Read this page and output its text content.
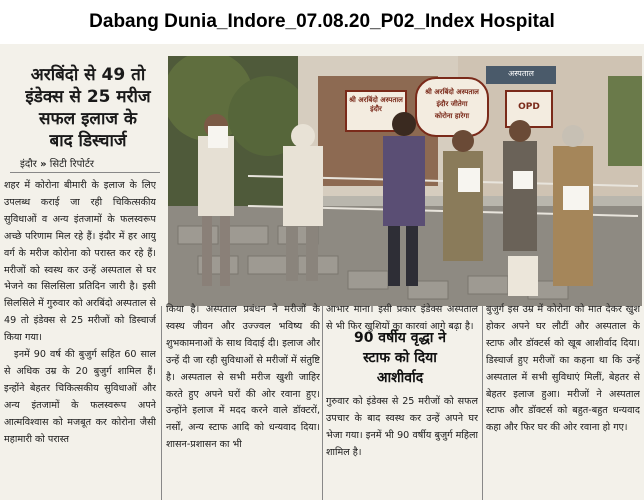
Dabang Dunia_Indore_07.08.20_P02_Index Hospital
अरबिंदो से 49 तो
इंडेक्स से 25 मरीज
सफल इलाज के
बाद डिस्चार्ज
इंदौर » सिटी रिपोर्टर
श्री अरबिंदो अस्पताल इंदौर
श्री अरबिंदो अस्पताल
इंदौर जीतेगा
कोरोना हारेगा
OPD
अस्पताल

शहर में कोरोना बीमारी के इलाज के लिए उपलब्ध कराई जा रही चिकित्सकीय सुविधाओं व अन्य इंतजामों के फलस्वरूप अच्छे परिणाम मिल रहे हैं। इंदौर में हर आयु वर्ग के मरीज कोरोना को परास्त कर रहे हैं। मरीजों को स्वस्थ कर उन्हें अस्पताल से घर भेजने का सिलसिला प्रतिदिन जारी है। इसी सिलसिले में गुरुवार को अरबिंदो अस्पताल से 49 तो इंडेक्स से 25 मरीजों को डिस्चार्ज किया गया।

इनमें 90 वर्ष की बुजुर्ग सहित 60 साल से अधिक उम्र के 20 बुजुर्ग शामिल हैं। इन्होंने बेहतर चिकित्सकीय सुविधाओं और अन्य इंतजामों के फलस्वरूप अपने आत्मविश्वास को मजबूत कर कोरोना जैसी महामारी को परास्त

किया है। अस्पताल प्रबंधन ने मरीजों के स्वस्थ जीवन और उज्ज्वल भविष्य की शुभकामनाओं के साथ विदाई दी। इलाज और उन्हें दी जा रही सुविधाओं से मरीजों में संतुष्टि है। अस्पताल से सभी मरीज खुशी जाहिर करते हुए अपने घरों की ओर रवाना हुए। उन्होंने इलाज में मदद करने वाले डॉक्टरों, नर्सों, अन्य स्टाफ आदि को धन्यवाद दिया। शासन-प्रशासन का भी

आभार माना। इसी प्रकार इंडेक्स अस्पताल से भी फिर खुशियों का कारवां आगे बढ़ा है।

90 वर्षीय वृद्धा ने
स्टाफ को दिया
आशीर्वाद

गुरुवार को इंडेक्स से 25 मरीजों को सफल उपचार के बाद स्वस्थ कर उन्हें अपने घर भेजा गया। इनमें भी 90 वर्षीय बुजुर्ग महिला शामिल है।

बुजुर्ग इस उम्र में कोरोना को मात देकर खुश होकर अपने घर लौटीं और अस्पताल के स्टाफ और डॉक्टर्स को खूब आशीर्वाद दिया। डिस्चार्ज हुए मरीजों का कहना था कि उन्हें अस्पताल में सभी सुविधाएं मिलीं, बेहतर से बेहतर इलाज हुआ। मरीजों ने अस्पताल स्टाफ और डॉक्टर्स को बहुत-बहुत धन्यवाद कहा और फिर घर की ओर रवाना हो गए।
